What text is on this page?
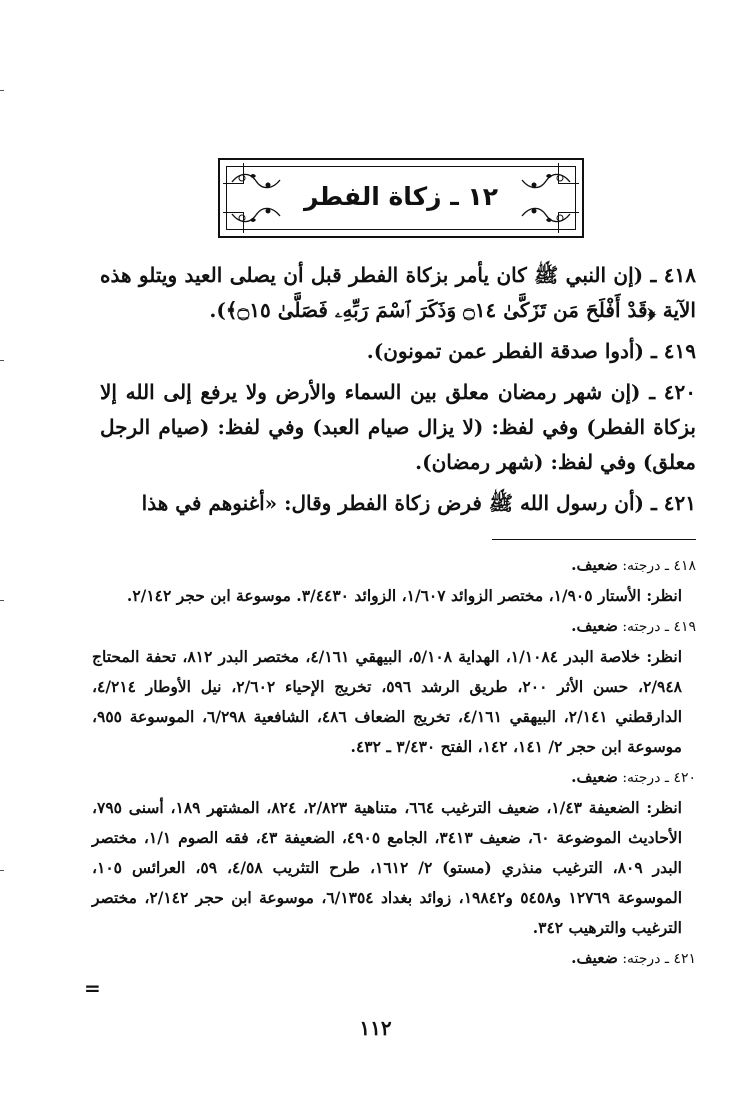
١٢ ـ زكاة الفطر

٤١٨ ـ (إن النبي ﷺ كان يأمر بزكاة الفطر قبل أن يصلى العيد ويتلو هذه الآية ﴿قَدْ أَفْلَحَ مَن تَزَكَّىٰ ۝١٤ وَذَكَرَ ٱسْمَ رَبِّهِۦ فَصَلَّىٰ ۝١٥﴾).

٤١٩ ـ (أدوا صدقة الفطر عمن تمونون).

٤٢٠ ـ (إن شهر رمضان معلق بين السماء والأرض ولا يرفع إلى الله إلا بزكاة الفطر) وفي لفظ: (لا يزال صيام العبد) وفي لفظ: (صيام الرجل معلق) وفي لفظ: (شهر رمضان).

٤٢١ ـ (أن رسول الله ﷺ فرض زكاة الفطر وقال: «أغنوهم في هذا

٤١٨ ـ درجته: ضعيف.

انظر: الأستار ١/٩٠٥، مختصر الزوائد ١/٦٠٧، الزوائد ٣/٤٤٣٠. موسوعة ابن حجر ٢/١٤٢.

٤١٩ ـ درجته: ضعيف.

انظر: خلاصة البدر ١/١٠٨٤، الهداية ٥/١٠٨، البيهقي ٤/١٦١، مختصر البدر ٨١٢، تحفة المحتاج ٢/٩٤٨، حسن الأثر ٢٠٠، طريق الرشد ٥٩٦، تخريج الإحياء ٢/٦٠٢، نيل الأوطار ٤/٢١٤، الدارقطني ٢/١٤١، البيهقي ٤/١٦١، تخريج الضعاف ٤٨٦، الشافعية ٦/٢٩٨، الموسوعة ٩٥٥، موسوعة ابن حجر ٢/ ١٤١، ١٤٢، الفتح ٣/٤٣٠ ـ ٤٣٢.

٤٢٠ ـ درجته: ضعيف.

انظر: الضعيفة ١/٤٣، ضعيف الترغيب ٦٦٤، متناهية ٢/٨٢٣، ٨٢٤، المشتهر ١٨٩، أسنى ٧٩٥، الأحاديث الموضوعة ٦٠، ضعيف ٣٤١٣، الجامع ٤٩٠٥، الضعيفة ٤٣، فقه الصوم ١/١، مختصر البدر ٨٠٩، الترغيب منذري (مستو) ٢/ ١٦١٢، طرح التثريب ٤/٥٨، ٥٩، العرائس ١٠٥، الموسوعة ١٢٧٦٩ و٥٤٥٨ و١٩٨٤٢، زوائد بغداد ٦/١٣٥٤، موسوعة ابن حجر ٢/١٤٢، مختصر الترغيب والترهيب ٣٤٢.

٤٢١ ـ درجته: ضعيف.

=
١١٢
